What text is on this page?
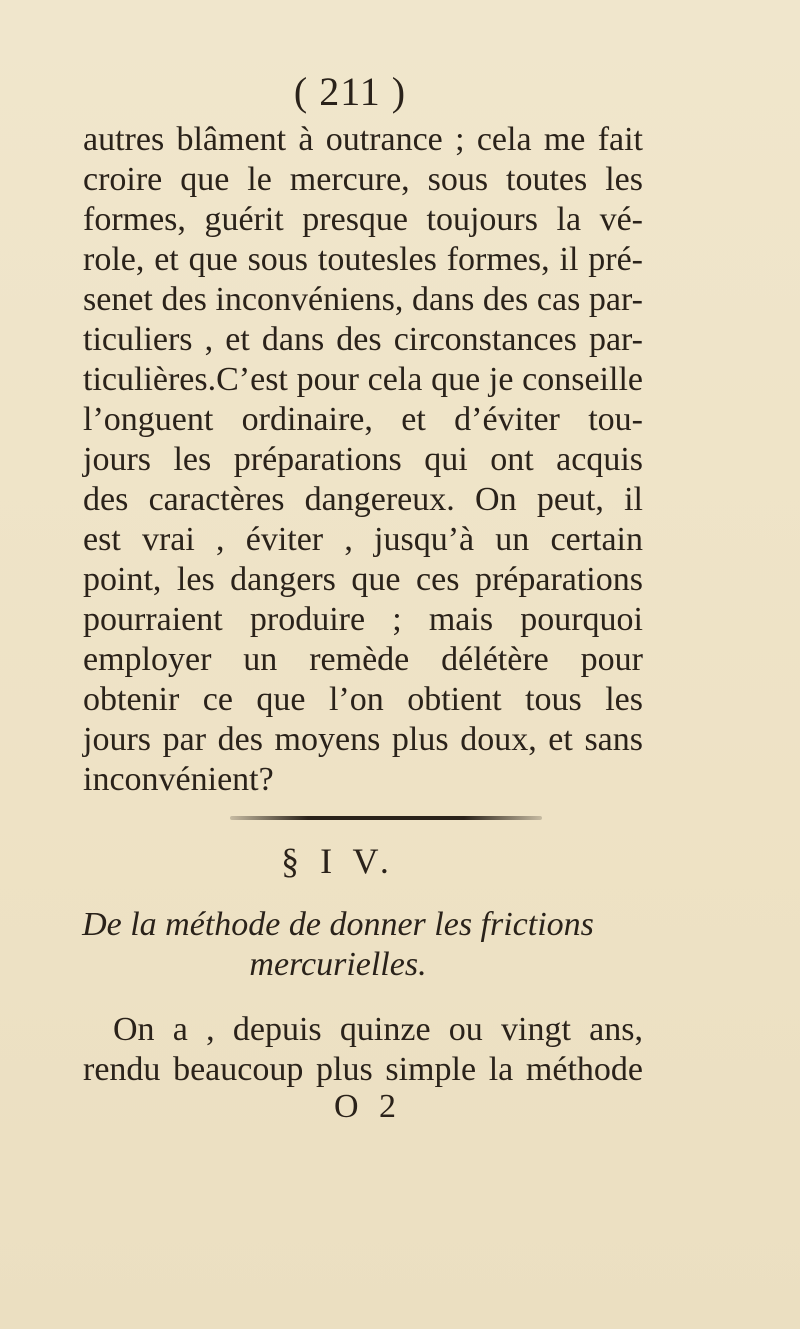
( 211 )
autres blâment à outrance ; cela me fait
croire que le mercure, sous toutes les
formes, guérit presque toujours la vé-
role, et que sous toutesles formes, il pré-
senet des inconvéniens, dans des cas par-
ticuliers , et dans des circonstances par-
ticulières.C’est pour cela que je conseille
l’onguent ordinaire, et d’éviter tou-
jours les préparations qui ont acquis
des caractères dangereux. On peut, il
est vrai , éviter , jusqu’à un certain
point, les dangers que ces préparations
pourraient produire ; mais pourquoi
employer un remède délétère pour
obtenir ce que l’on obtient tous les
jours par des moyens plus doux, et sans
inconvénient?
§ I V.
De la méthode de donner les frictions
mercurielles.
On a , depuis quinze ou vingt ans,
rendu beaucoup plus simple la méthode
O 2
